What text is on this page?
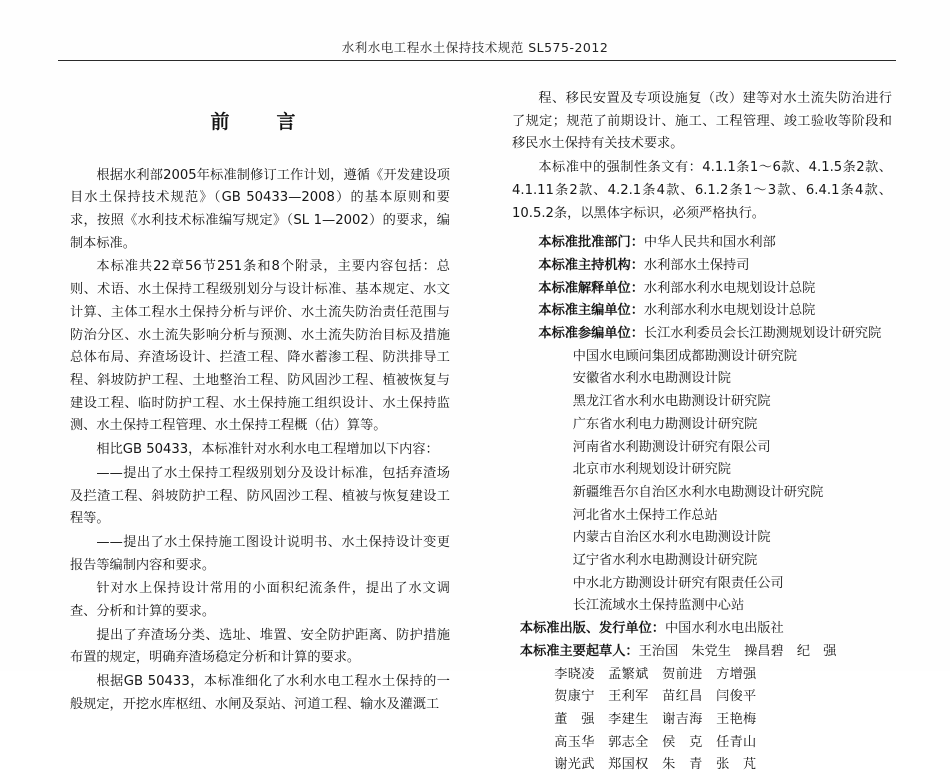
水利水电工程水土保持技术规范 SL575-2012
前　言

根据水利部2005年标准制修订工作计划，遵循《开发建设项目水土保持技术规范》（GB 50433—2008）的基本原则和要求，按照《水利技术标准编写规定》（SL 1—2002）的要求，编制本标准。

本标准共22章56节251条和8个附录，主要内容包括：总则、术语、水土保持工程级别划分与设计标准、基本规定、水文计算、主体工程水土保持分析与评价、水土流失防治责任范围与防治分区、水土流失影响分析与预测、水土流失防治目标及措施总体布局、弃渣场设计、拦渣工程、降水蓄渗工程、防洪排导工程、斜坡防护工程、土地整治工程、防风固沙工程、植被恢复与建设工程、临时防护工程、水土保持施工组织设计、水土保持监测、水土保持工程管理、水土保持工程概（估）算等。

相比GB 50433，本标准针对水利水电工程增加以下内容：

——提出了水土保持工程级别划分及设计标准，包括弃渣场及拦渣工程、斜坡防护工程、防风固沙工程、植被与恢复建设工程等。

——提出了水土保持施工图设计说明书、水土保持设计变更报告等编制内容和要求。

针对水上保持设计常用的小面积纪流条件，提出了水文调查、分析和计算的要求。

提出了弃渣场分类、选址、堆置、安全防护距离、防护措施布置的规定，明确弃渣场稳定分析和计算的要求。

根据GB 50433，本标准细化了水利水电工程水土保持的一般规定，开挖水库枢纽、水闸及泵站、河道工程、输水及灌溉工

程、移民安置及专项设施复（改）建等对水土流失防治进行了规定；规范了前期设计、施工、工程管理、竣工验收等阶段和移民水土保持有关技术要求。

本标准中的强制性条文有：4.1.1条1～6款、4.1.5条2款、4.1.11条2款、4.2.1条4款、6.1.2条1～3款、6.4.1条4款、10.5.2条，以黑体字标识，必须严格执行。

本标准批准部门：中华人民共和国水利部

本标准主持机构：水利部水土保持司

本标准解释单位：水利部水利水电规划设计总院

本标准主编单位：水利部水利水电规划设计总院

本标准参编单位：长江水利委员会长江勘测规划设计研究院

中国水电顾问集团成都勘测设计研究院

安徽省水利水电勘测设计院

黑龙江省水利水电勘测设计研究院

广东省水利电力勘测设计研究院

河南省水利勘测设计研究有限公司

北京市水利规划设计研究院

新疆维吾尔自治区水利水电勘测设计研究院

河北省水土保持工作总站

内蒙古自治区水利水电勘测设计院

辽宁省水利水电勘测设计研究院

中水北方勘测设计研究有限责任公司

长江流域水土保持监测中心站

本标准出版、发行单位：中国水利水电出版社

本标准主要起草人：王治国　朱党生　操昌碧　纪　强

李晓凌　孟繁斌　贺前进　方增强

贺康宁　王利军　苗红昌　闫俊平

董　强　李建生　谢吉海　王艳梅

高玉华　郭志全　侯　克　任青山

谢光武　郑国权　朱　青　张　芃
